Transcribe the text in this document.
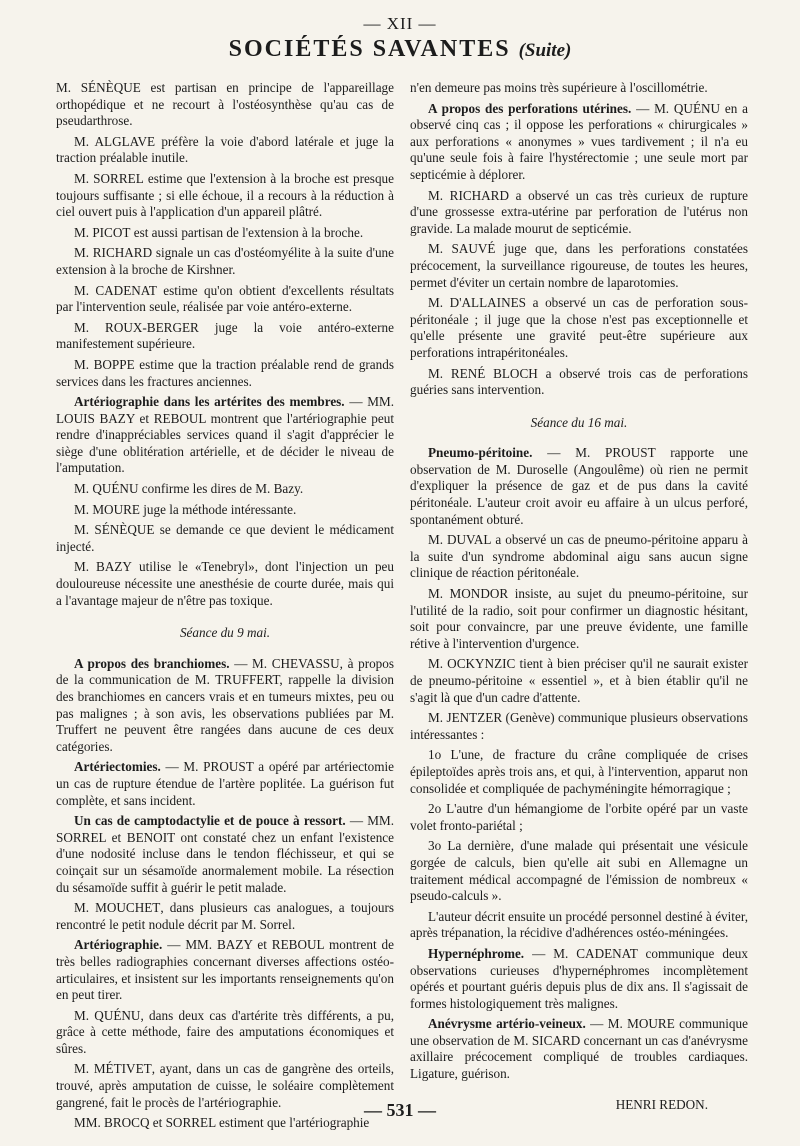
— XII —
SOCIÉTÉS SAVANTES (Suite)

M. SÉNÈQUE est partisan en principe de l'appareillage orthopédique et ne recourt à l'ostéosynthèse qu'au cas de pseudarthrose.

M. ALGLAVE préfère la voie d'abord latérale et juge la traction préalable inutile.

M. SORREL estime que l'extension à la broche est presque toujours suffisante ; si elle échoue, il a recours à la réduction à ciel ouvert puis à l'application d'un appareil plâtré.

M. PICOT est aussi partisan de l'extension à la broche.

M. RICHARD signale un cas d'ostéomyélite à la suite d'une extension à la broche de Kirshner.

M. CADENAT estime qu'on obtient d'excellents résultats par l'intervention seule, réalisée par voie antéro-externe.

M. ROUX-BERGER juge la voie antéro-externe manifestement supérieure.

M. BOPPE estime que la traction préalable rend de grands services dans les fractures anciennes.

Artériographie dans les artérites des membres. — MM. LOUIS BAZY et REBOUL montrent que l'artériographie peut rendre d'inappréciables services quand il s'agit d'apprécier le siège d'une oblitération artérielle, et de décider le niveau de l'amputation.

M. QUÉNU confirme les dires de M. Bazy.

M. MOURE juge la méthode intéressante.

M. SÉNÈQUE se demande ce que devient le médicament injecté.

M. BAZY utilise le «Tenebryl», dont l'injection un peu douloureuse nécessite une anesthésie de courte durée, mais qui a l'avantage majeur de n'être pas toxique.

Séance du 9 mai.

A propos des branchiomes. — M. CHEVASSU, à propos de la communication de M. TRUFFERT, rappelle la division des branchiomes en cancers vrais et en tumeurs mixtes, peu ou pas malignes ; à son avis, les observations publiées par M. Truffert ne peuvent être rangées dans aucune de ces deux catégories.

Artériectomies. — M. PROUST a opéré par artériectomie un cas de rupture étendue de l'artère poplitée. La guérison fut complète, et sans incident.

Un cas de camptodactylie et de pouce à ressort. — MM. SORREL et BENOIT ont constaté chez un enfant l'existence d'une nodosité incluse dans le tendon fléchisseur, et qui se coinçait sur un sésamoïde anormalement mobile. La résection du sésamoïde suffit à guérir le petit malade.

M. MOUCHET, dans plusieurs cas analogues, a toujours rencontré le petit nodule décrit par M. Sorrel.

Artériographie. — MM. BAZY et REBOUL montrent de très belles radiographies concernant diverses affections ostéo-articulaires, et insistent sur les importants renseignements qu'on en peut tirer.

M. QUÉNU, dans deux cas d'artérite très différents, a pu, grâce à cette méthode, faire des amputations économiques et sûres.

M. MÉTIVET, ayant, dans un cas de gangrène des orteils, trouvé, après amputation de cuisse, le soléaire complètement gangrené, fait le procès de l'artériographie.

MM. BROCQ et SORREL estiment que l'artériographie

n'en demeure pas moins très supérieure à l'oscillométrie.

A propos des perforations utérines. — M. QUÉNU en a observé cinq cas ; il oppose les perforations « chirurgicales » aux perforations « anonymes » vues tardivement ; il n'a eu qu'une seule fois à faire l'hystérectomie ; une seule mort par septicémie à déplorer.

M. RICHARD a observé un cas très curieux de rupture d'une grossesse extra-utérine par perforation de l'utérus non gravide. La malade mourut de septicémie.

M. SAUVÉ juge que, dans les perforations constatées précocement, la surveillance rigoureuse, de toutes les heures, permet d'éviter un certain nombre de laparotomies.

M. D'ALLAINES a observé un cas de perforation sous-péritonéale ; il juge que la chose n'est pas exceptionnelle et qu'elle présente une gravité peut-être supérieure aux perforations intrapéritonéales.

M. RENÉ BLOCH a observé trois cas de perforations guéries sans intervention.

Séance du 16 mai.

Pneumo-péritoine. — M. PROUST rapporte une observation de M. Duroselle (Angoulême) où rien ne permit d'expliquer la présence de gaz et de pus dans la cavité péritonéale. L'auteur croit avoir eu affaire à un ulcus perforé, spontanément obturé.

M. DUVAL a observé un cas de pneumo-péritoine apparu à la suite d'un syndrome abdominal aigu sans aucun signe clinique de réaction péritonéale.

M. MONDOR insiste, au sujet du pneumo-péritoine, sur l'utilité de la radio, soit pour confirmer un diagnostic hésitant, soit pour convaincre, par une preuve évidente, une famille rétive à l'intervention d'urgence.

M. OCKYNZIC tient à bien préciser qu'il ne saurait exister de pneumo-péritoine « essentiel », et à bien établir qu'il ne s'agit là que d'un cadre d'attente.

M. JENTZER (Genève) communique plusieurs observations intéressantes :

1o L'une, de fracture du crâne compliquée de crises épileptoïdes après trois ans, et qui, à l'intervention, apparut non consolidée et compliquée de pachyméningite hémorragique ;

2o L'autre d'un hémangiome de l'orbite opéré par un vaste volet fronto-pariétal ;

3o La dernière, d'une malade qui présentait une vésicule gorgée de calculs, bien qu'elle ait subi en Allemagne un traitement médical accompagné de l'émission de nombreux « pseudo-calculs ».

L'auteur décrit ensuite un procédé personnel destiné à éviter, après trépanation, la récidive d'adhérences ostéo-méningées.

Hypernéphrome. — M. CADENAT communique deux observations curieuses d'hypernéphromes incomplètement opérés et pourtant guéris depuis plus de dix ans. Il s'agissait de formes histologiquement très malignes.

Anévrysme artério-veineux. — M. MOURE communique une observation de M. SICARD concernant un cas d'anévrysme axillaire précocement compliqué de troubles cardiaques. Ligature, guérison.

HENRI REDON.

— 531 —
